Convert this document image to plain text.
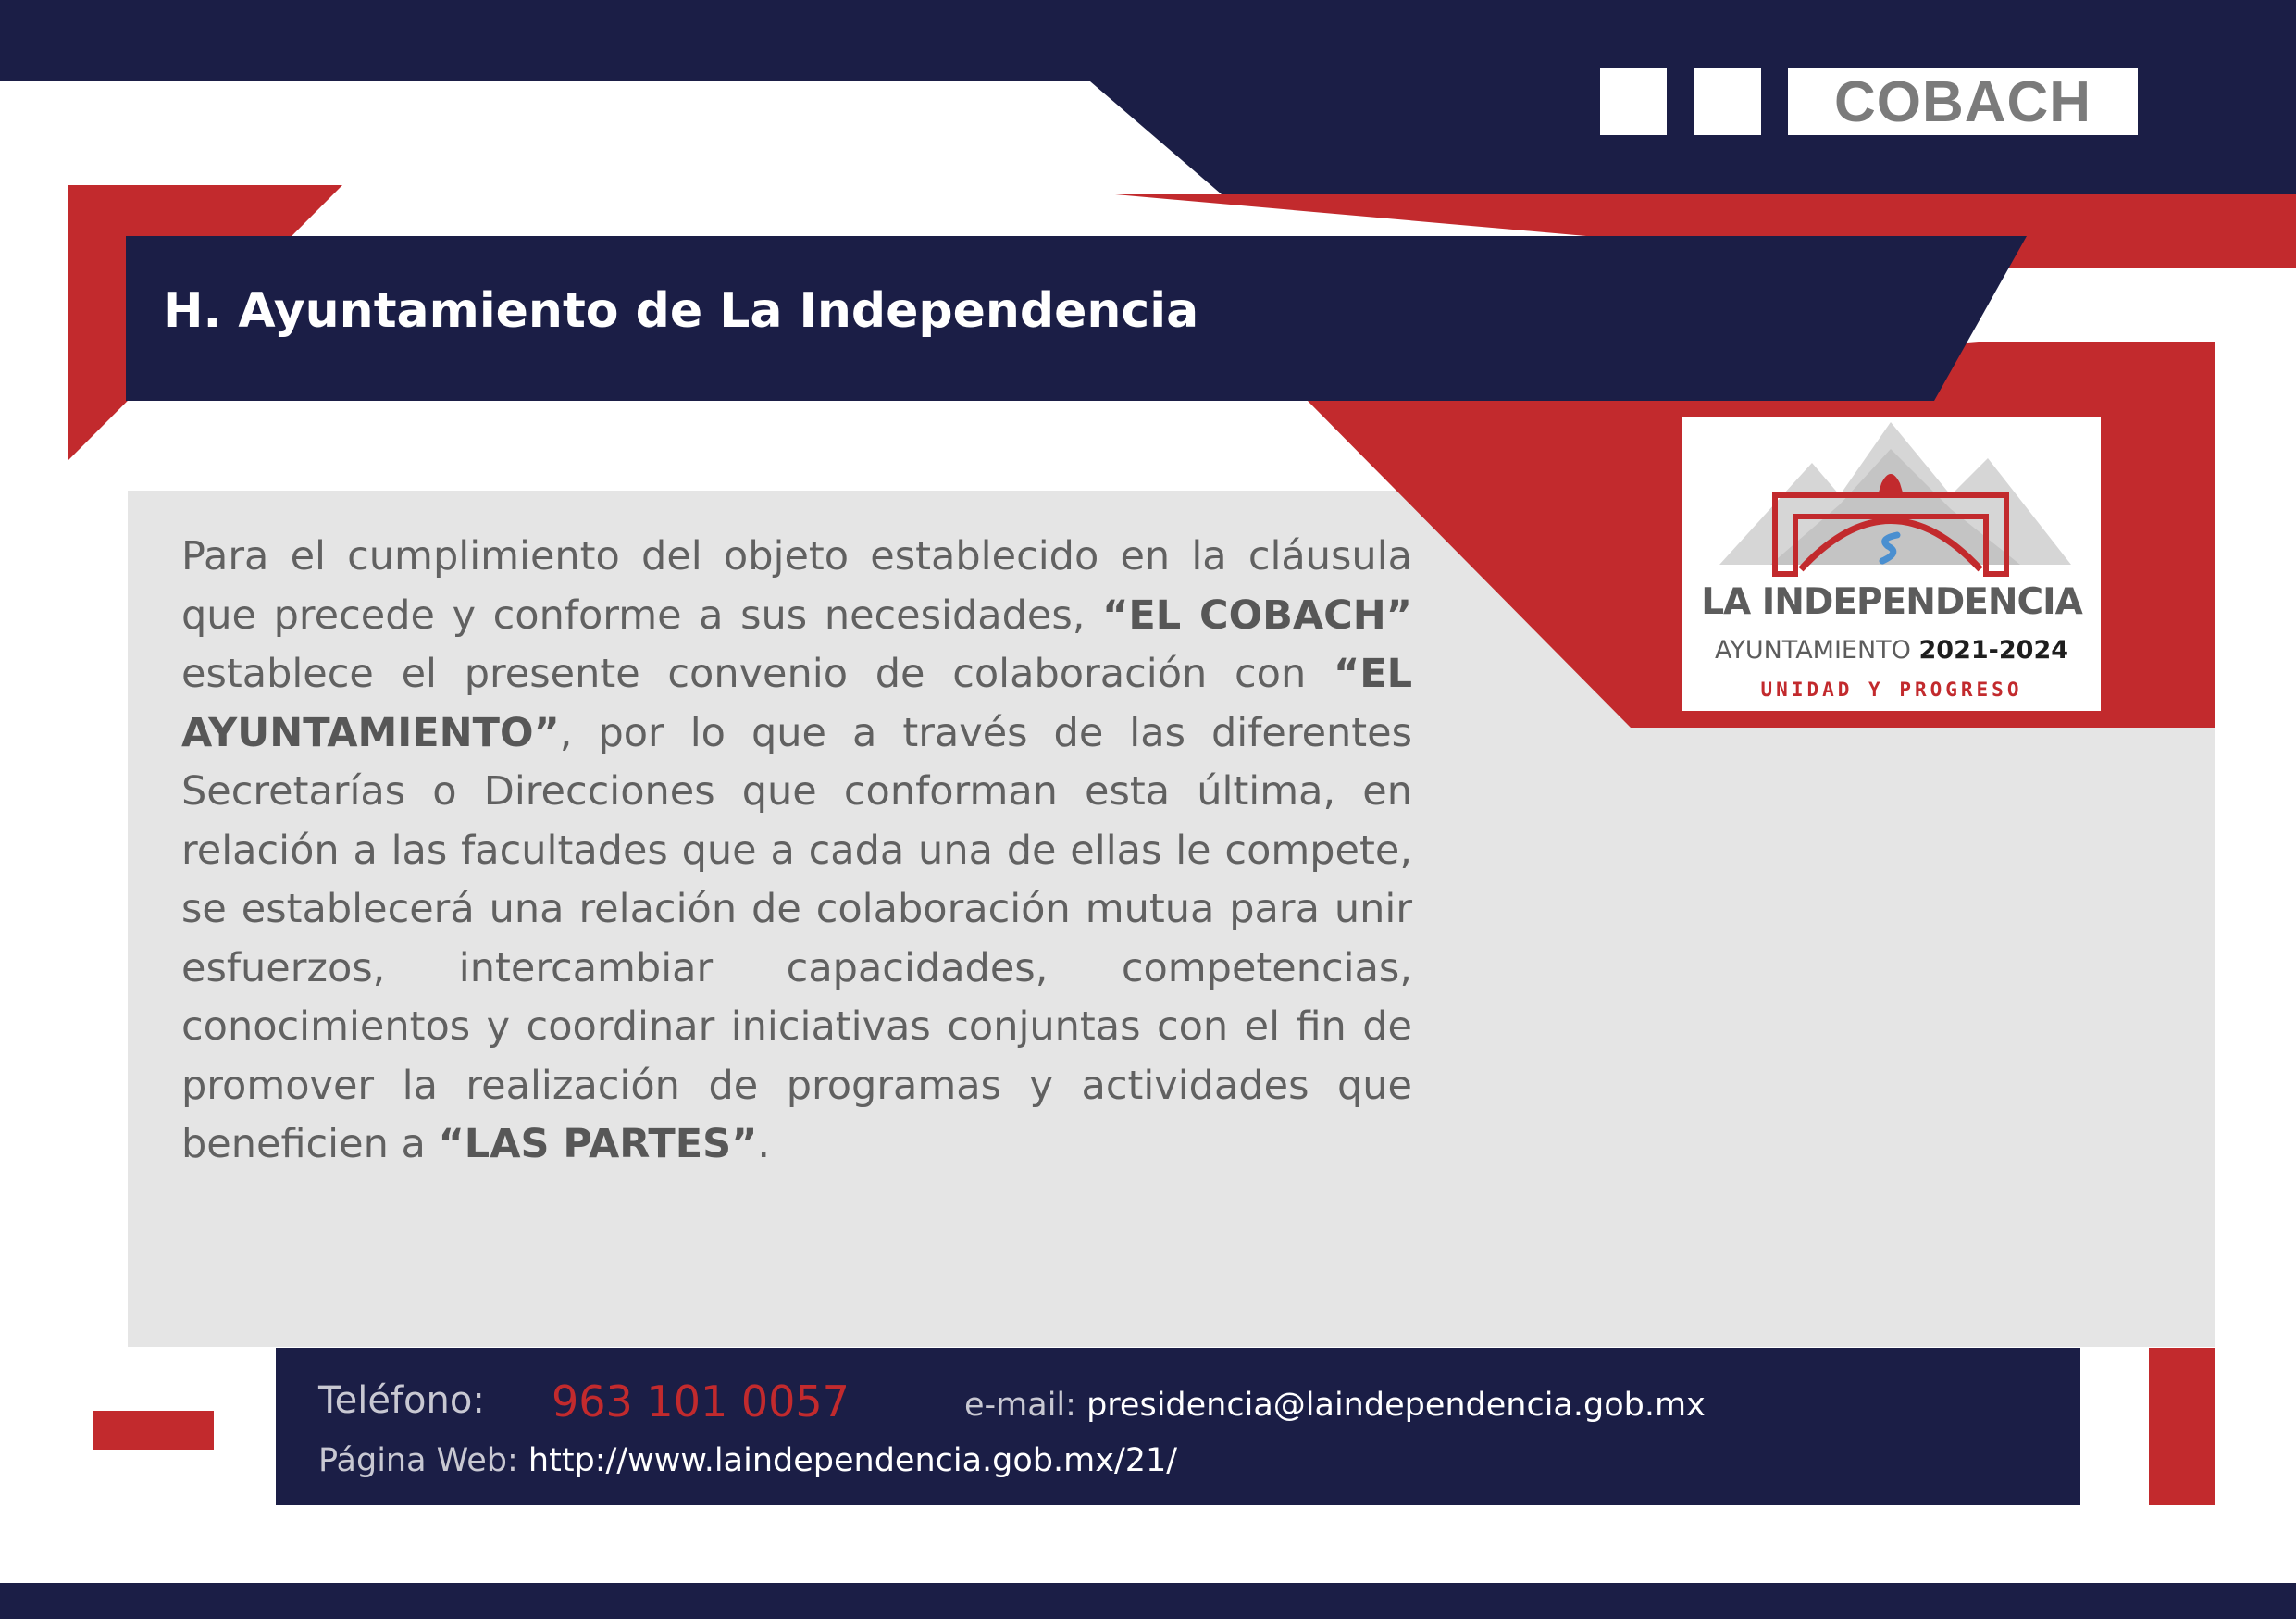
COBACH
H. Ayuntamiento de La Independencia
Para el cumplimiento del objeto establecido en la cláusula que precede y conforme a sus necesidades, “EL COBACH” establece el presente convenio de colaboración con “EL AYUNTAMIENTO”, por lo que a través de las diferentes Secretarías o Direcciones que conforman esta última, en relación a las facultades que a cada una de ellas le compete, se establecerá una relación de colaboración mutua para unir esfuerzos, intercambiar capacidades, competencias, conocimientos y coordinar iniciativas conjuntas con el fin de promover la realización de programas y actividades que beneficien a “LAS PARTES”.
LA INDEPENDENCIA
AYUNTAMIENTO 2021-2024
UNIDAD Y PROGRESO
Teléfono: 963 101 0057	e-mail: presidencia@laindependencia.gob.mx
Página Web: http://www.laindependencia.gob.mx/21/
